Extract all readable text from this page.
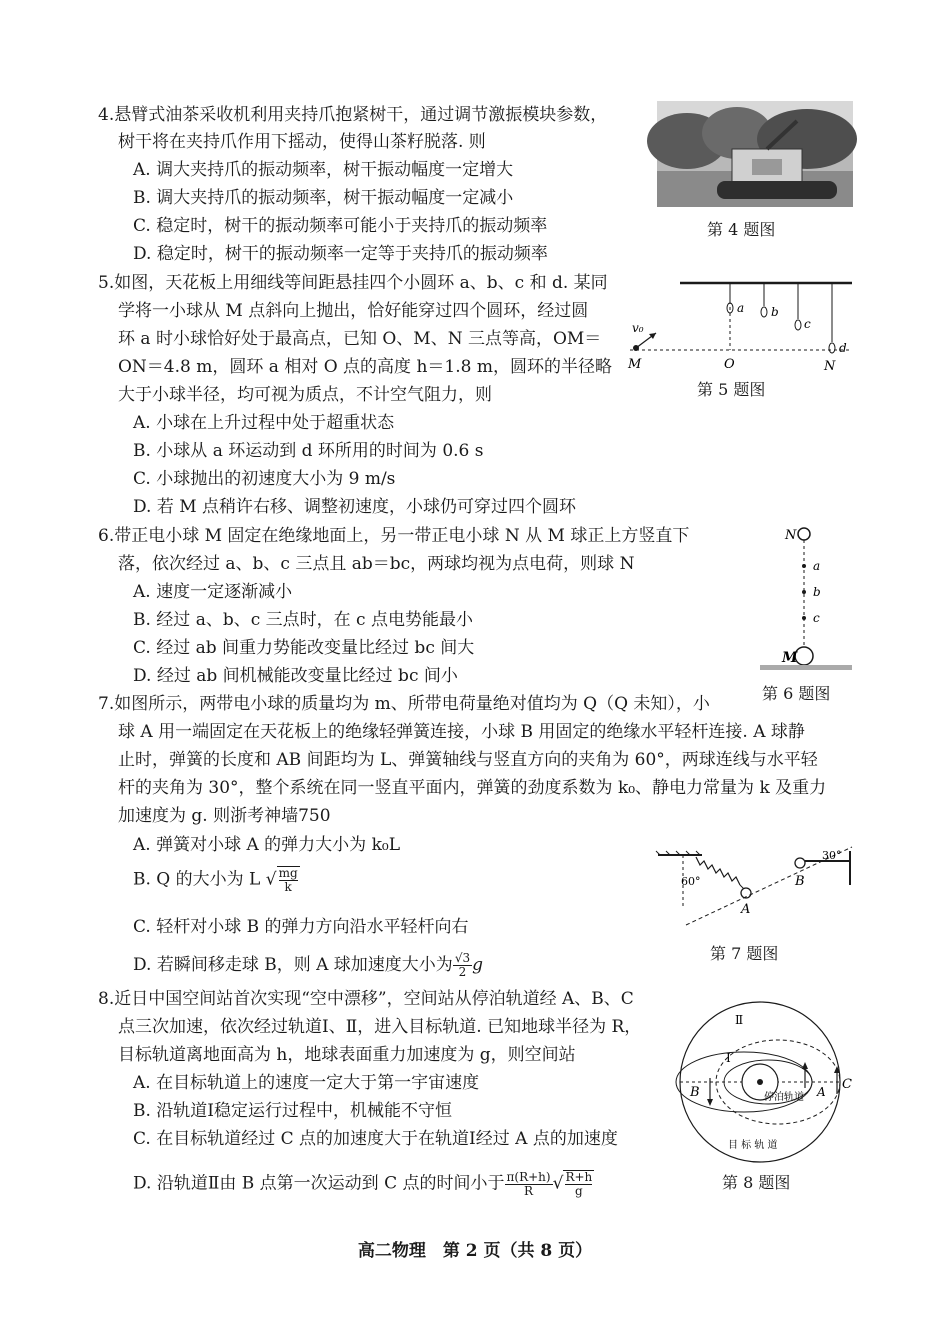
4.悬臂式油茶采收机利用夹持爪抱紧树干，通过调节激振模块参数，
树干将在夹持爪作用下摇动，使得山茶籽脱落. 则
A. 调大夹持爪的振动频率，树干振动幅度一定增大
B. 调大夹持爪的振动频率，树干振动幅度一定减小
C. 稳定时，树干的振动频率可能小于夹持爪的振动频率
D. 稳定时，树干的振动频率一定等于夹持爪的振动频率
第 4 题图
5.如图，天花板上用细线等间距悬挂四个小圆环 a、b、c 和 d. 某同
学将一小球从 M 点斜向上抛出，恰好能穿过四个圆环，经过圆
环 a 时小球恰好处于最高点，已知 O、M、N 三点等高，OM＝
ON＝4.8 m，圆环 a 相对 O 点的高度 h＝1.8 m，圆环的半径略
大于小球半径，均可视为质点，不计空气阻力，则
A. 小球在上升过程中处于超重状态
B. 小球从 a 环运动到 d 环所用的时间为 0.6 s
C. 小球抛出的初速度大小为 9 m/s
D. 若 M 点稍许右移、调整初速度，小球仍可穿过四个圆环
v₀
M	O	N
a b
c
d
第 5 题图
6.带正电小球 M 固定在绝缘地面上，另一带正电小球 N 从 M 球正上方竖直下
落，依次经过 a、b、c 三点且 ab＝bc，两球均视为点电荷，则球 N
A. 速度一定逐渐减小
B. 经过 a、b、c 三点时，在 c 点电势能最小
C. 经过 ab 间重力势能改变量比经过 bc 间大
D. 经过 ab 间机械能改变量比经过 bc 间小
N
a
b
c
M
第 6 题图
7.如图所示，两带电小球的质量均为 m、所带电荷量绝对值均为 Q（Q 未知），小
球 A 用一端固定在天花板上的绝缘轻弹簧连接，小球 B 用固定的绝缘水平轻杆连接. A 球静
止时，弹簧的长度和 AB 间距均为 L、弹簧轴线与竖直方向的夹角为 60°，两球连线与水平轻
杆的夹角为 30°，整个系统在同一竖直平面内，弹簧的劲度系数为 k₀、静电力常量为 k 及重力
加速度为 g. 则浙考神墙750
A. 弹簧对小球 A 的弹力大小为 k₀L
B. Q 的大小为 L √ $\frac{mg}{k}$
C. 轻杆对小球 B 的弹力方向沿水平轻杆向右
D. 若瞬间移走球 B，则 A 球加速度大小为 $\frac{√3}{2}$ g
60°
30°
A
B
第 7 题图
8.近日中国空间站首次实现“空中漂移”，空间站从停泊轨道经 A、B、C
点三次加速，依次经过轨道Ⅰ、Ⅱ，进入目标轨道. 已知地球半径为 R，
目标轨道离地面高为 h，地球表面重力加速度为 g，则空间站
A. 在目标轨道上的速度一定大于第一宇宙速度
B. 沿轨道Ⅰ稳定运行过程中，机械能不守恒
C. 在目标轨道经过 C 点的加速度大于在轨道Ⅰ经过 A 点的加速度
D. 沿轨道Ⅱ由 B 点第一次运动到 C 点的时间小于 $\frac{\pi(R+h)}{R}$ √ $\frac{R+h}{g}$
Ⅱ
Ⅰ
B	A C
停泊轨道
目 标 轨 道
第 8 题图
高二物理　第 2 页（共 8 页）
